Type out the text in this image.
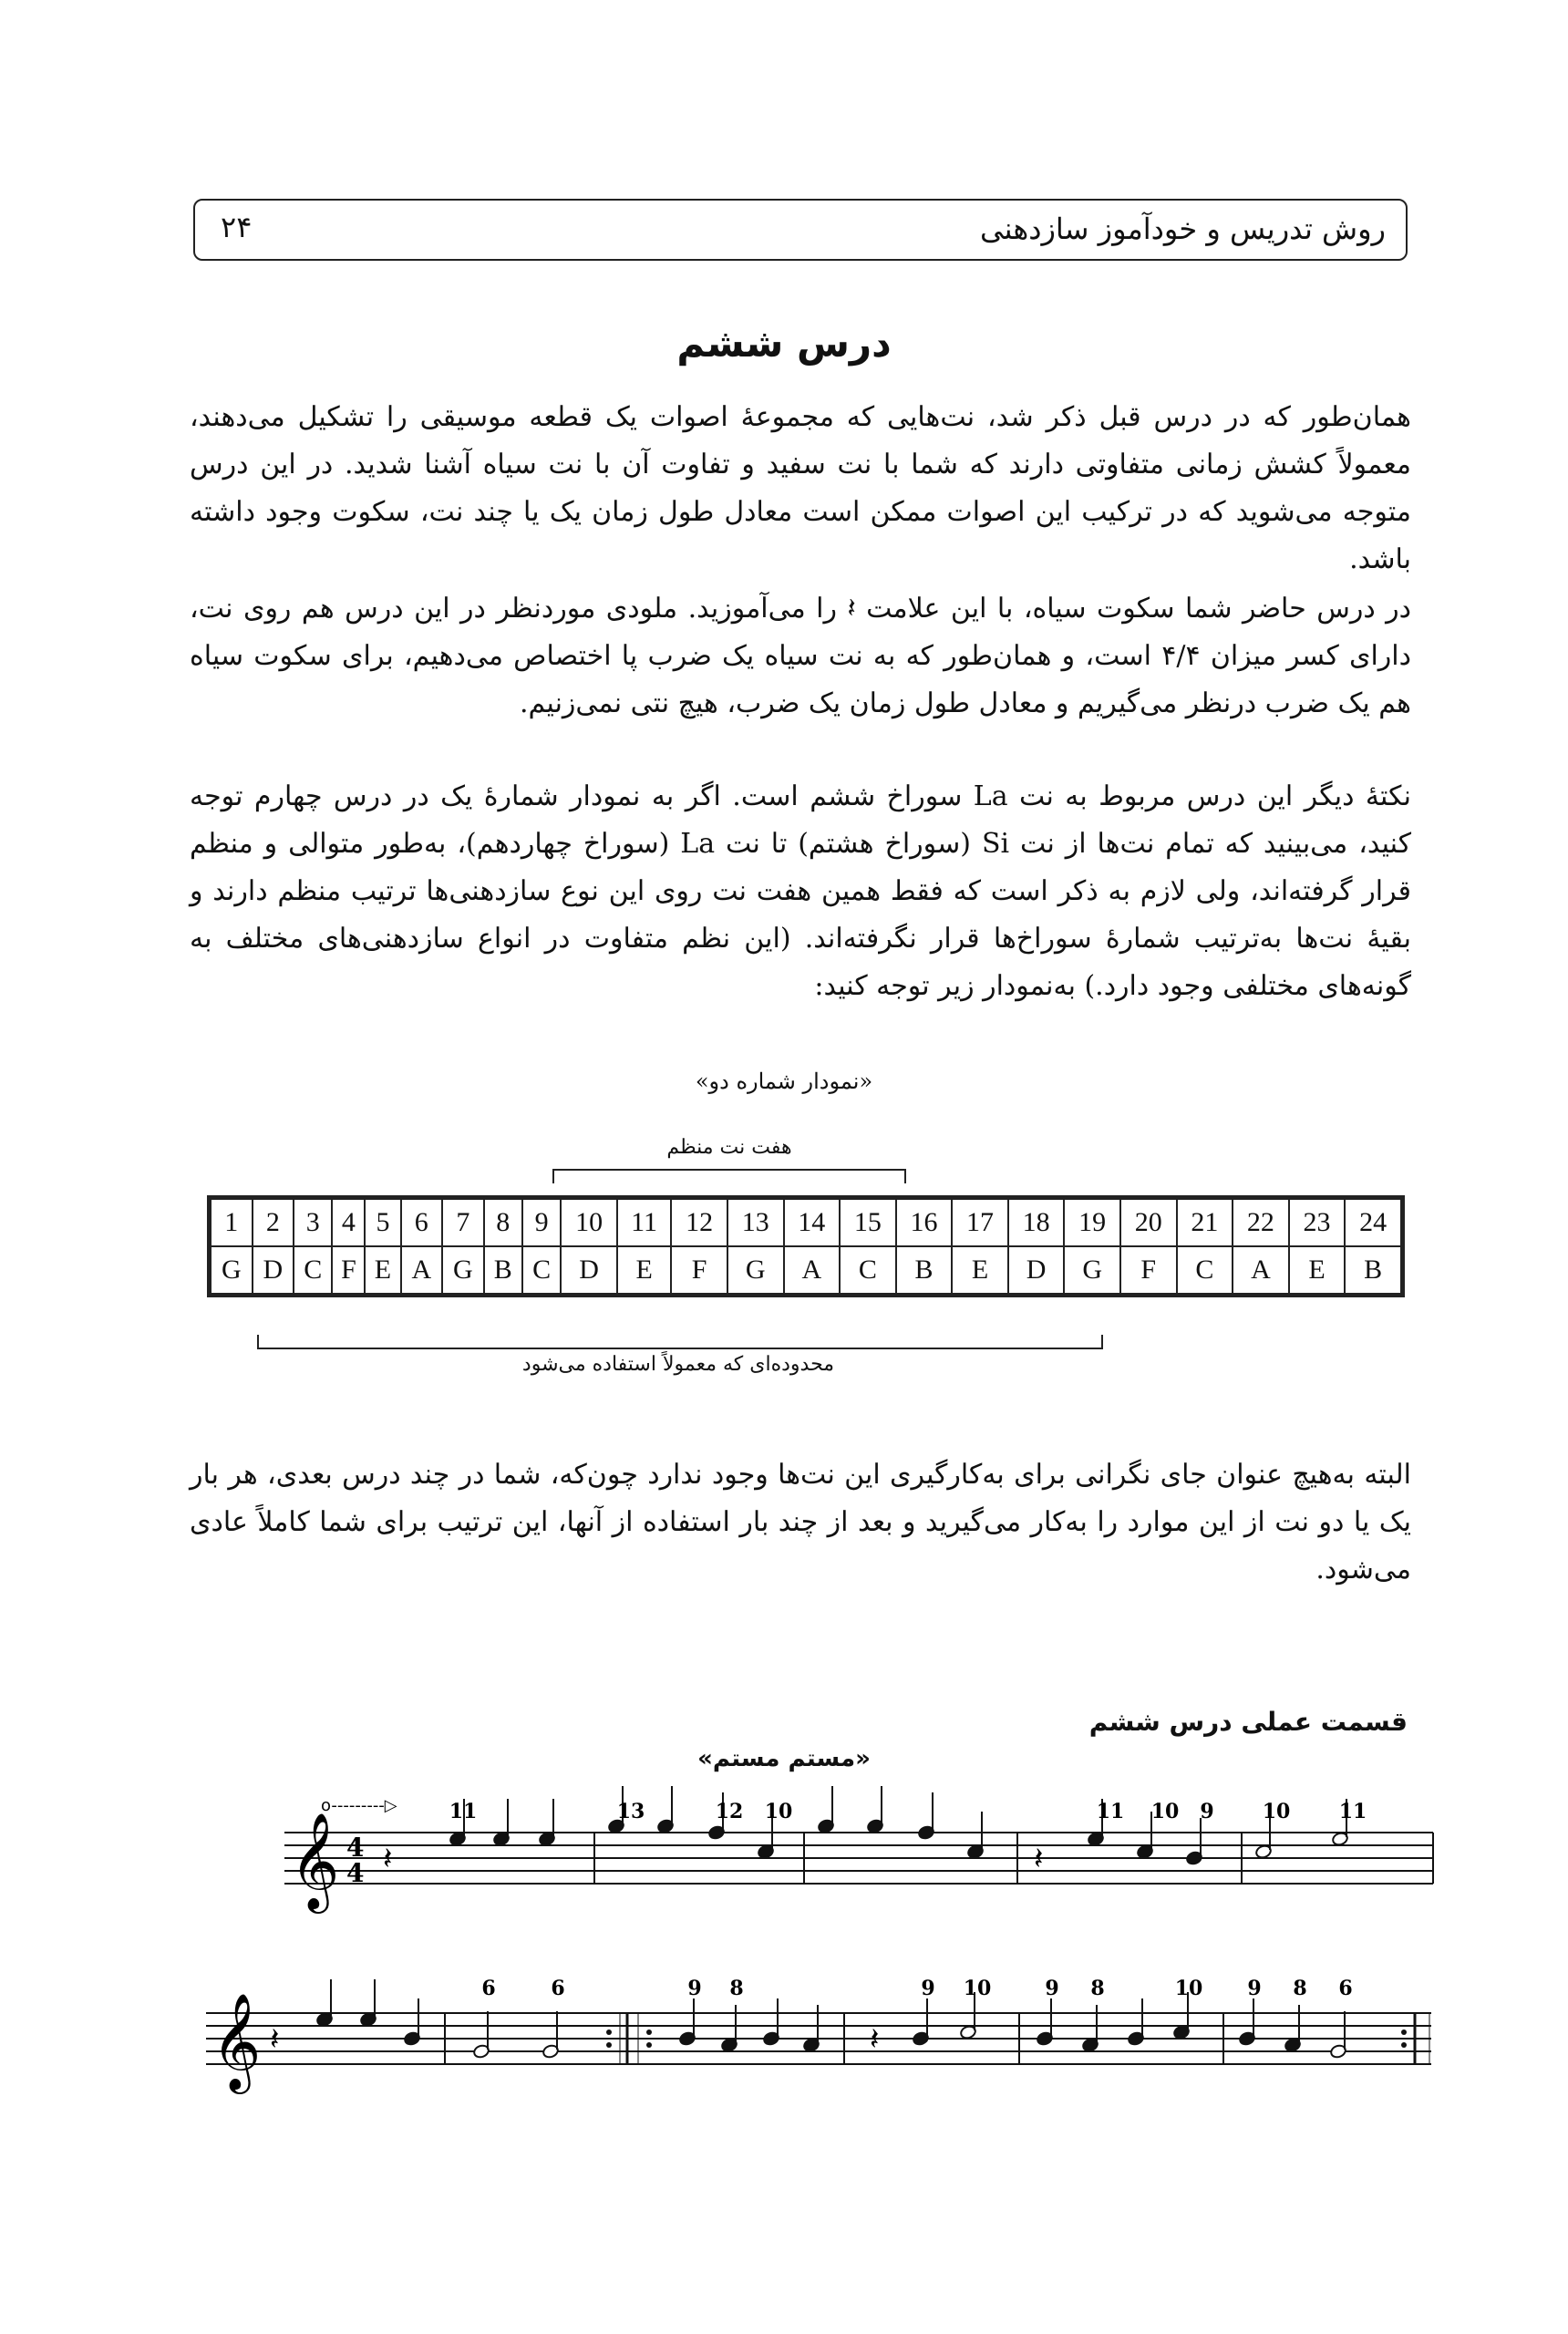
روش تدریس و خودآموز سازدهنی
۲۴
درس ششم
همان‌طور که در درس قبل ذکر شد، نت‌هایی که مجموعهٔ اصوات یک قطعه موسیقی را تشکیل می‌دهند، معمولاً کشش زمانی متفاوتی دارند که شما با نت سفید و تفاوت آن با نت سیاه آشنا شدید. در این درس متوجه می‌شوید که در ترکیب این اصوات ممکن است معادل طول زمان یک یا چند نت، سکوت وجود داشته باشد.
در درس حاضر شما سکوت سیاه، با این علامت 𝄽 را می‌آموزید. ملودی موردنظر در این درس هم روی نت، دارای کسر میزان ۴/۴ است، و همان‌طور که به نت سیاه یک ضرب پا اختصاص می‌دهیم، برای سکوت سیاه هم یک ضرب درنظر می‌گیریم و معادل طول زمان یک ضرب، هیچ نتی نمی‌زنیم.
نکتهٔ دیگر این درس مربوط به نت La سوراخ ششم است. اگر به نمودار شمارهٔ یک در درس چهارم توجه کنید، می‌بینید که تمام نت‌ها از نت Si (سوراخ هشتم) تا نت La (سوراخ چهاردهم)، به‌طور متوالی و منظم قرار گرفته‌اند، ولی لازم به ذکر است که فقط همین هفت نت روی این نوع سازدهنی‌ها ترتیب منظم دارند و بقیهٔ نت‌ها به‌ترتیب شمارهٔ سوراخ‌ها قرار نگرفته‌اند. (این نظم متفاوت در انواع سازدهنی‌های مختلف به گونه‌های مختلفی وجود دارد.) به‌نمودار زیر توجه کنید:
«نمودار شماره دو»
هفت نت منظم
1	2	3	4	5	6	7	8	9	10	11	12	13	14	15	16	17	18	19	20	21	22	23	24
G	D	C	F	E	A	G	B	C	D	E	F	G	A	C	B	E	D	G	F	C	A	E	B
محدوده‌ای که معمولاً استفاده می‌شود
البته به‌هیچ عنوان جای نگرانی برای به‌کارگیری این نت‌ها وجود ندارد چون‌که، شما در چند درس بعدی، هر بار یک یا دو نت از این موارد را به‌کار می‌گیرید و بعد از چند بار استفاده از آنها، این ترتیب برای شما کاملاً عادی می‌شود.
قسمت عملی درس ششم
«مستم مستم»
𝄞 4
4
o---------▷
𝄽	𝄽
11	13	12 10	11 10 9 10 11
𝄞 𝄽	𝄽
6	6	9 8	9 10	9 8	10 9 8 6
